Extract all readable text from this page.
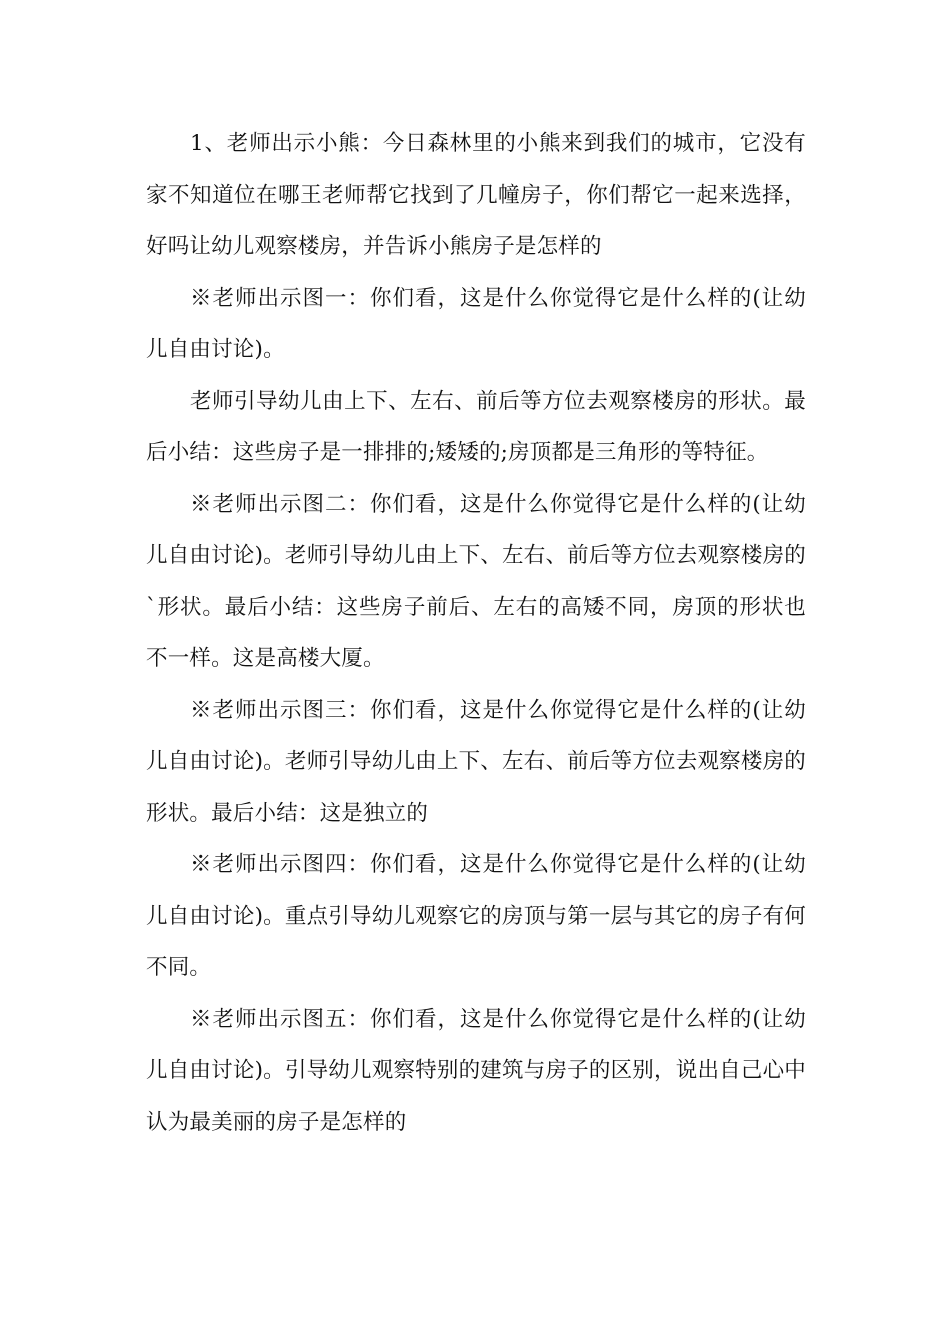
1、老师出示小熊：今日森林里的小熊来到我们的城市，它没有家不知道位在哪王老师帮它找到了几幢房子，你们帮它一起来选择，好吗让幼儿观察楼房，并告诉小熊房子是怎样的

※老师出示图一：你们看，这是什么你觉得它是什么样的(让幼儿自由讨论)。

老师引导幼儿由上下、左右、前后等方位去观察楼房的形状。最后小结：这些房子是一排排的;矮矮的;房顶都是三角形的等特征。

※老师出示图二：你们看，这是什么你觉得它是什么样的(让幼儿自由讨论)。老师引导幼儿由上下、左右、前后等方位去观察楼房的`形状。最后小结：这些房子前后、左右的高矮不同，房顶的形状也不一样。这是高楼大厦。

※老师出示图三：你们看，这是什么你觉得它是什么样的(让幼儿自由讨论)。老师引导幼儿由上下、左右、前后等方位去观察楼房的形状。最后小结：这是独立的

※老师出示图四：你们看，这是什么你觉得它是什么样的(让幼儿自由讨论)。重点引导幼儿观察它的房顶与第一层与其它的房子有何不同。

※老师出示图五：你们看，这是什么你觉得它是什么样的(让幼儿自由讨论)。引导幼儿观察特别的建筑与房子的区别，说出自己心中认为最美丽的房子是怎样的
